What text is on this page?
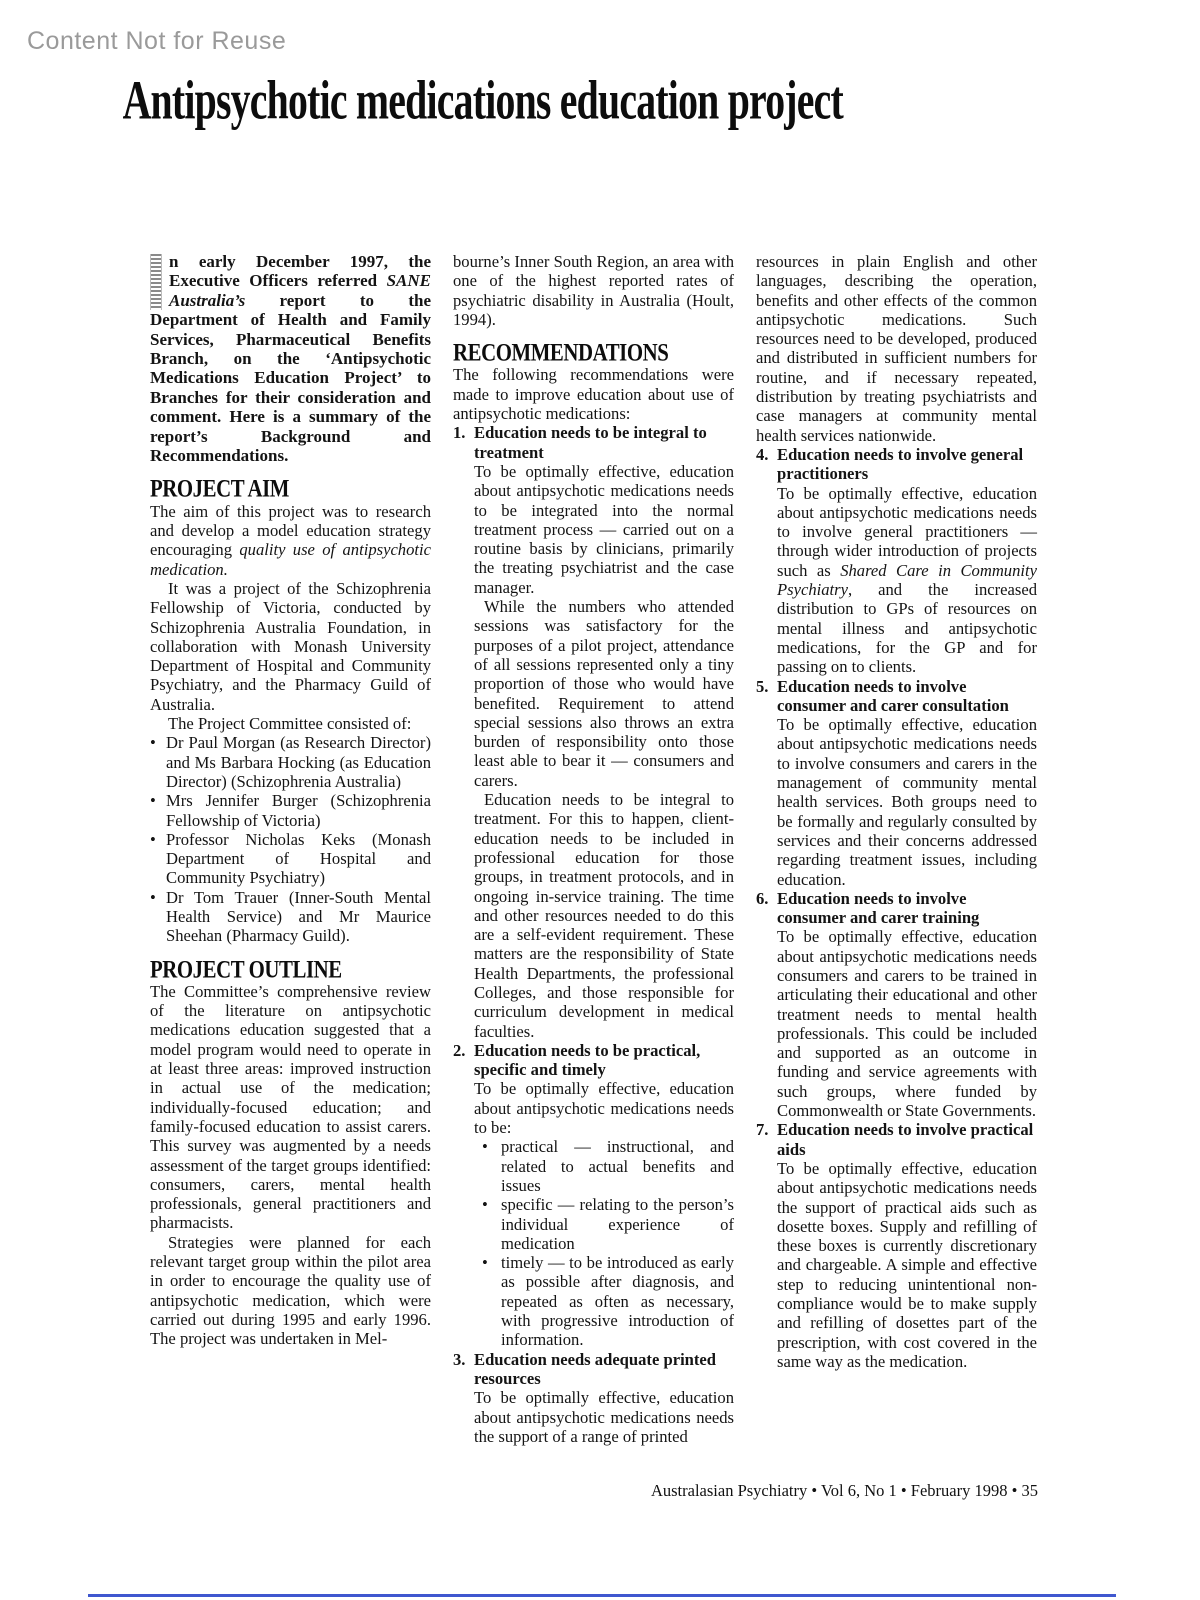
Content Not for Reuse
Antipsychotic medications education project

n early December 1997, the Executive Officers referred SANE Australia’s report to the Department of Health and Family Services, Pharmaceutical Benefits Branch, on the ‘Antipsychotic Medications Education Project’ to Branches for their consideration and comment. Here is a summary of the report’s Background and Recommendations.

PROJECT AIM

The aim of this project was to research and develop a model education strategy encouraging quality use of antipsychotic medication.

It was a project of the Schizophrenia Fellowship of Victoria, conducted by Schizophrenia Australia Foundation, in collaboration with Monash University Department of Hospital and Community Psychiatry, and the Pharmacy Guild of Australia.

The Project Committee consisted of:

• Dr Paul Morgan (as Research Director) and Ms Barbara Hocking (as Education Director) (Schizophrenia Australia)
• Mrs Jennifer Burger (Schizophrenia Fellowship of Victoria)
• Professor Nicholas Keks (Monash Department of Hospital and Community Psychiatry)
• Dr Tom Trauer (Inner-South Mental Health Service) and Mr Maurice Sheehan (Pharmacy Guild).
PROJECT OUTLINE

The Committee’s comprehensive review of the literature on antipsychotic medications education suggested that a model program would need to operate in at least three areas: improved instruction in actual use of the medication; individually-focused education; and family-focused education to assist carers. This survey was augmented by a needs assessment of the target groups identified: consumers, carers, mental health professionals, general practitioners and pharmacists.

Strategies were planned for each relevant target group within the pilot area in order to encourage the quality use of antipsychotic medication, which were carried out during 1995 and early 1996. The project was undertaken in Mel-

bourne’s Inner South Region, an area with one of the highest reported rates of psychiatric disability in Australia (Hoult, 1994).

RECOMMENDATIONS

The following recommendations were made to improve education about use of antipsychotic medications:

1. Education needs to be integral to treatment

To be optimally effective, education about antipsychotic medications needs to be integrated into the normal treatment process — carried out on a routine basis by clinicians, primarily the treating psychiatrist and the case manager.

While the numbers who attended sessions was satisfactory for the purposes of a pilot project, attendance of all sessions represented only a tiny proportion of those who would have benefited. Requirement to attend special sessions also throws an extra burden of responsibility onto those least able to bear it — consumers and carers.

Education needs to be integral to treatment. For this to happen, client-education needs to be included in professional education for those groups, in treatment protocols, and in ongoing in-service training. The time and other resources needed to do this are a self-evident requirement. These matters are the responsibility of State Health Departments, the professional Colleges, and those responsible for curriculum development in medical faculties.

2. Education needs to be practical, specific and timely

To be optimally effective, education about antipsychotic medications needs to be:

• practical — instructional, and related to actual benefits and issues
• specific — relating to the person’s individual experience of medication
• timely — to be introduced as early as possible after diagnosis, and repeated as often as necessary, with progressive introduction of information.
3. Education needs adequate printed resources

To be optimally effective, education about antipsychotic medications needs the support of a range of printed

resources in plain English and other languages, describing the operation, benefits and other effects of the common antipsychotic medications. Such resources need to be developed, produced and distributed in sufficient numbers for routine, and if necessary repeated, distribution by treating psychiatrists and case managers at community mental health services nationwide.

4. Education needs to involve general practitioners

To be optimally effective, education about antipsychotic medications needs to involve general practitioners — through wider introduction of projects such as Shared Care in Community Psychiatry, and the increased distribution to GPs of resources on mental illness and antipsychotic medications, for the GP and for passing on to clients.

5. Education needs to involve consumer and carer consultation

To be optimally effective, education about antipsychotic medications needs to involve consumers and carers in the management of community mental health services. Both groups need to be formally and regularly consulted by services and their concerns addressed regarding treatment issues, including education.

6. Education needs to involve consumer and carer training

To be optimally effective, education about antipsychotic medications needs consumers and carers to be trained in articulating their educational and other treatment needs to mental health professionals. This could be included and supported as an outcome in funding and service agreements with such groups, where funded by Commonwealth or State Governments.

7. Education needs to involve practical aids

To be optimally effective, education about antipsychotic medications needs the support of practical aids such as dosette boxes. Supply and refilling of these boxes is currently discretionary and chargeable. A simple and effective step to reducing unintentional non-compliance would be to make supply and refilling of dosettes part of the prescription, with cost covered in the same way as the medication.

Australasian Psychiatry • Vol 6, No 1 • February 1998 • 35
